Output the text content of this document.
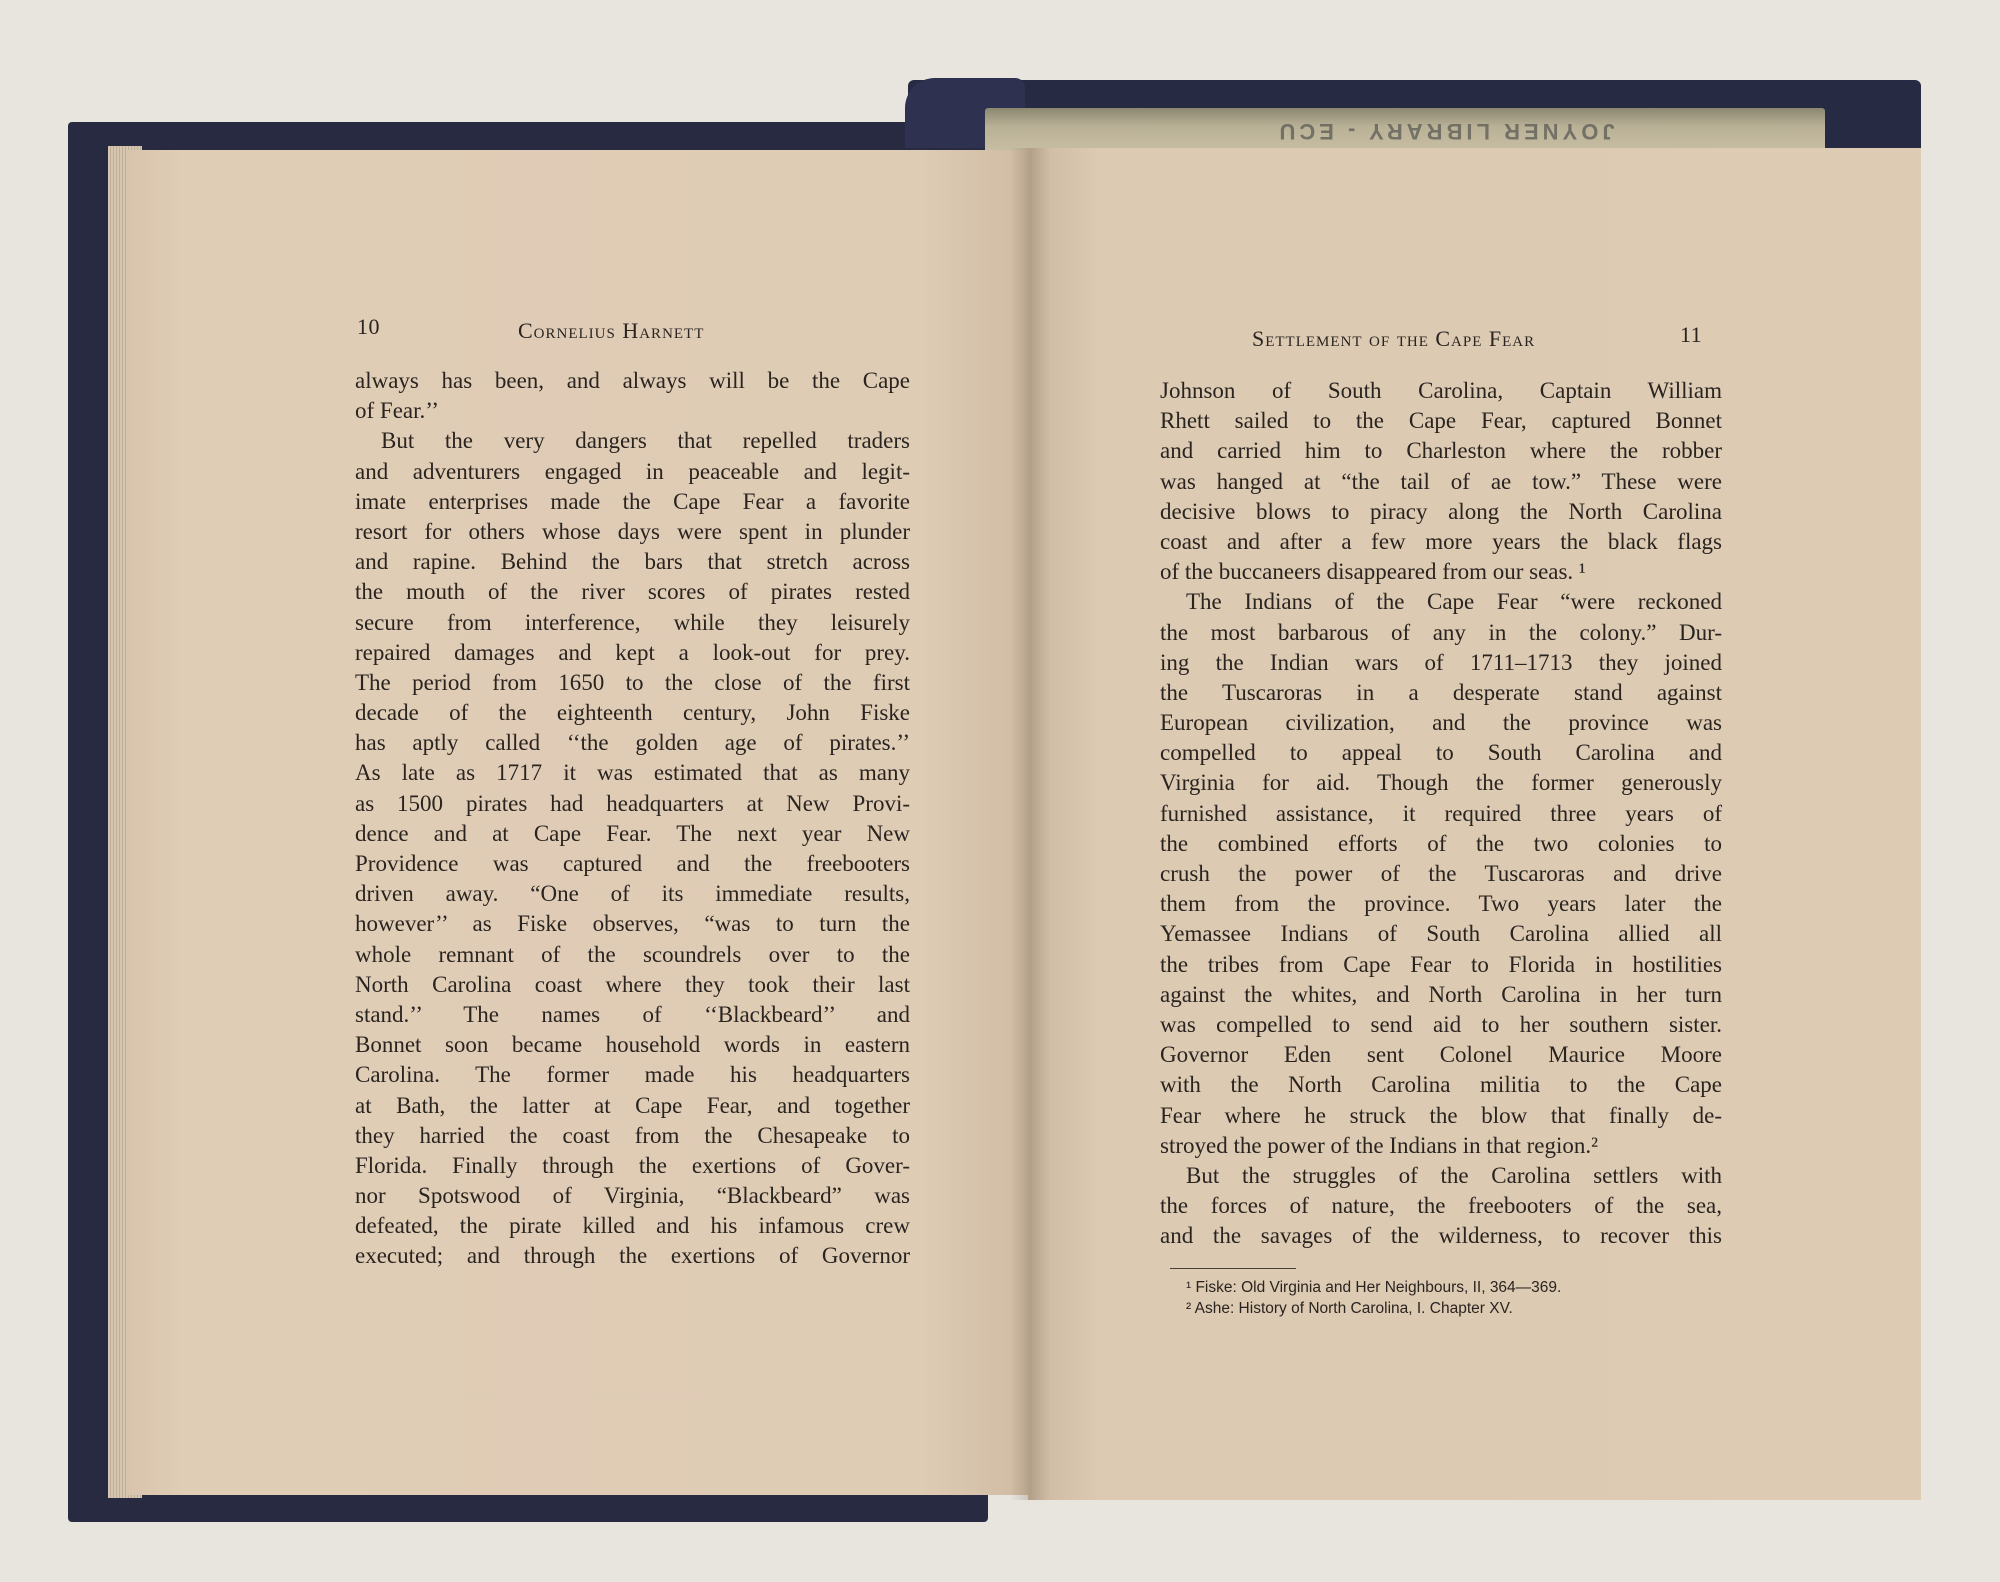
JOYNER LIBRARY - ECU
10	Cornelius Harnett
always has been, and always will be the Cape
of Fear.’’
But the very dangers that repelled traders
and adventurers engaged in peaceable and legit-
imate enterprises made the Cape Fear a favorite
resort for others whose days were spent in plunder
and rapine. Behind the bars that stretch across
the mouth of the river scores of pirates rested
secure from interference, while they leisurely
repaired damages and kept a look-out for prey.
The period from 1650 to the close of the first
decade of the eighteenth century, John Fiske
has aptly called ‘‘the golden age of pirates.’’
As late as 1717 it was estimated that as many
as 1500 pirates had headquarters at New Provi-
dence and at Cape Fear. The next year New
Providence was captured and the freebooters
driven away. “One of its immediate results,
however’’ as Fiske observes, “was to turn the
whole remnant of the scoundrels over to the
North Carolina coast where they took their last
stand.’’ The names of ‘‘Blackbeard’’ and
Bonnet soon became household words in eastern
Carolina. The former made his headquarters
at Bath, the latter at Cape Fear, and together
they harried the coast from the Chesapeake to
Florida. Finally through the exertions of Gover-
nor Spotswood of Virginia, “Blackbeard” was
defeated, the pirate killed and his infamous crew
executed; and through the exertions of Governor
Settlement of the Cape Fear	11
Johnson of South Carolina, Captain William
Rhett sailed to the Cape Fear, captured Bonnet
and carried him to Charleston where the robber
was hanged at “the tail of ae tow.” These were
decisive blows to piracy along the North Carolina
coast and after a few more years the black flags
of the buccaneers disappeared from our seas. ¹
The Indians of the Cape Fear “were reckoned
the most barbarous of any in the colony.” Dur-
ing the Indian wars of 1711–1713 they joined
the Tuscaroras in a desperate stand against
European civilization, and the province was
compelled to appeal to South Carolina and
Virginia for aid. Though the former generously
furnished assistance, it required three years of
the combined efforts of the two colonies to
crush the power of the Tuscaroras and drive
them from the province. Two years later the
Yemassee Indians of South Carolina allied all
the tribes from Cape Fear to Florida in hostilities
against the whites, and North Carolina in her turn
was compelled to send aid to her southern sister.
Governor Eden sent Colonel Maurice Moore
with the North Carolina militia to the Cape
Fear where he struck the blow that finally de-
stroyed the power of the Indians in that region.²
But the struggles of the Carolina settlers with
the forces of nature, the freebooters of the sea,
and the savages of the wilderness, to recover this
¹ Fiske: Old Virginia and Her Neighbours, II, 364—369.
² Ashe: History of North Carolina, I. Chapter XV.
